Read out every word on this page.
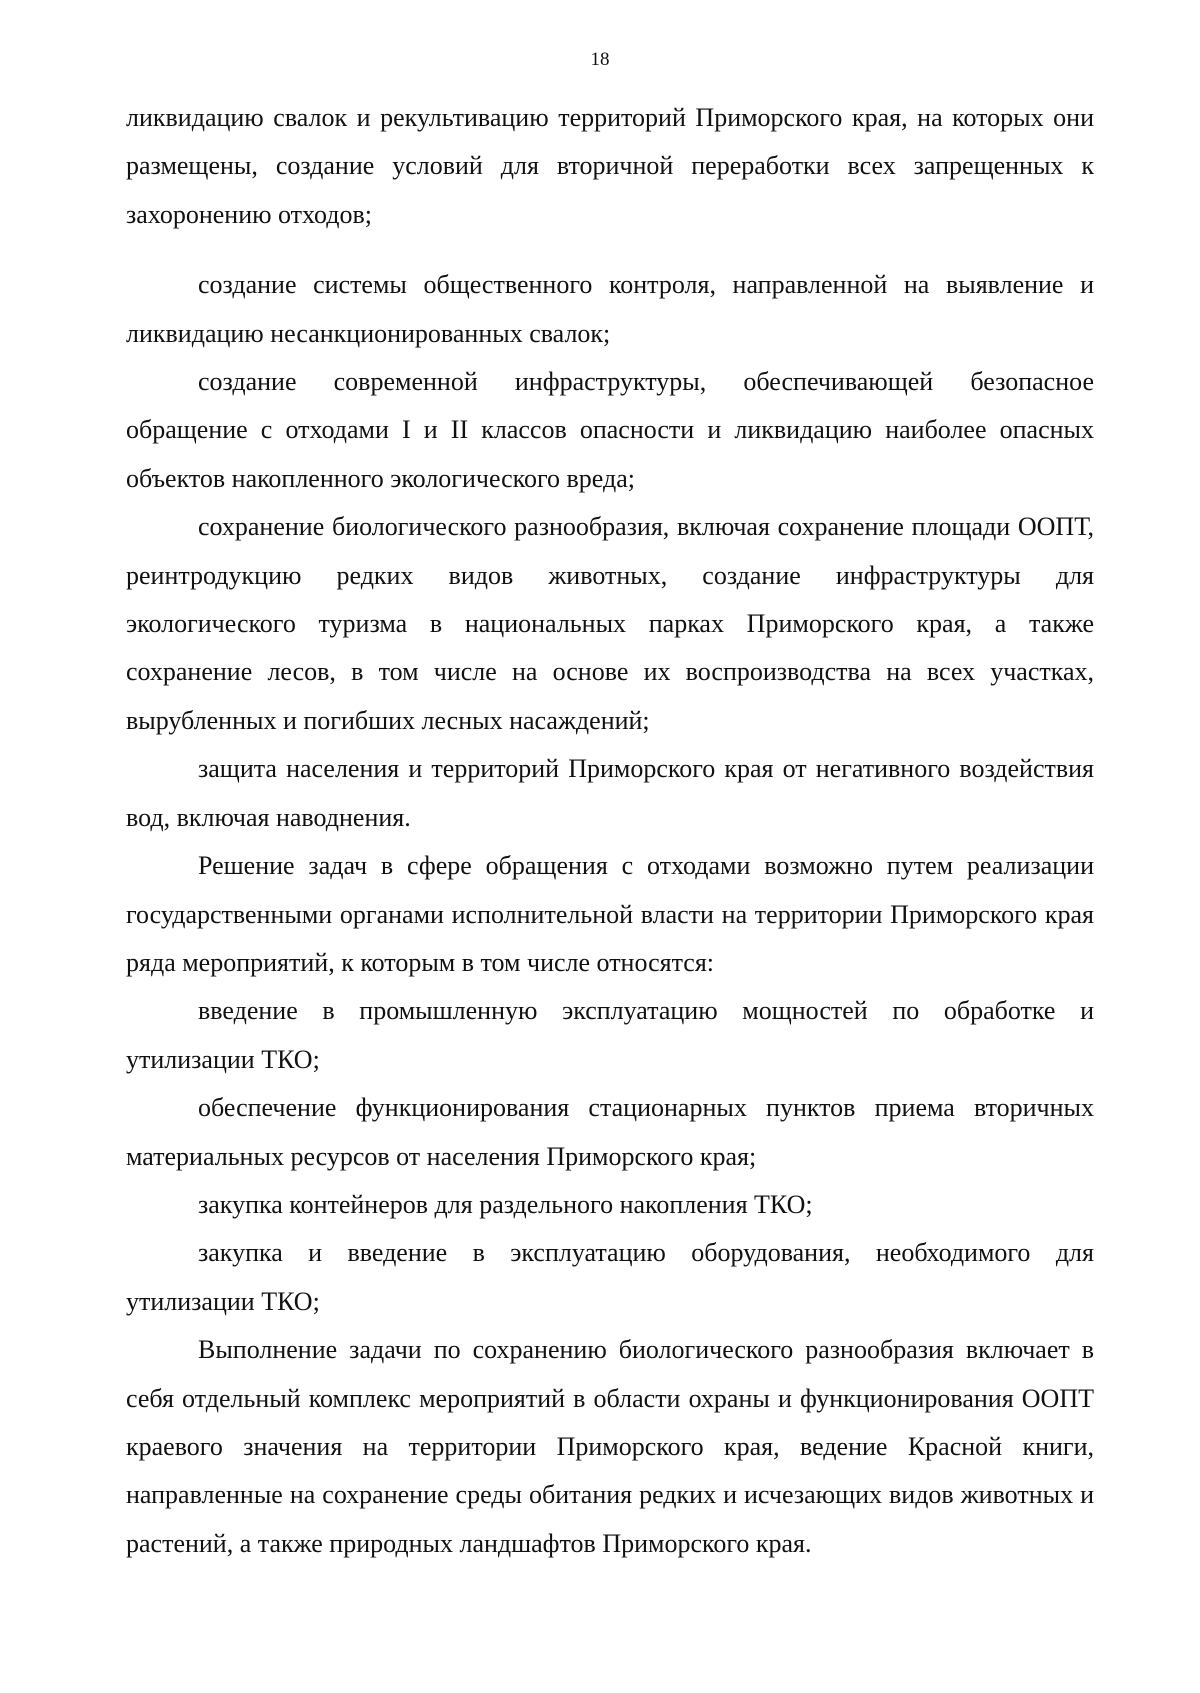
18

ликвидацию свалок и рекультивацию территорий Приморского края, на которых они размещены, создание условий для вторичной переработки всех запрещенных к захоронению отходов;

создание системы общественного контроля, направленной на выявление и ликвидацию несанкционированных свалок;

создание современной инфраструктуры, обеспечивающей безопасное обращение с отходами I и II классов опасности и ликвидацию наиболее опасных объектов накопленного экологического вреда;

сохранение биологического разнообразия, включая сохранение площади ООПТ, реинтродукцию редких видов животных, создание инфраструктуры для экологического туризма в национальных парках Приморского края, а также сохранение лесов, в том числе на основе их воспроизводства на всех участках, вырубленных и погибших лесных насаждений;

защита населения и территорий Приморского края от негативного воздействия вод, включая наводнения.

Решение задач в сфере обращения с отходами возможно путем реализации государственными органами исполнительной власти на территории Приморского края ряда мероприятий, к которым в том числе относятся:

введение в промышленную эксплуатацию мощностей по обработке и утилизации ТКО;

обеспечение функционирования стационарных пунктов приема вторичных материальных ресурсов от населения Приморского края;

закупка контейнеров для раздельного накопления ТКО;

закупка и введение в эксплуатацию оборудования, необходимого для утилизации ТКО;

Выполнение задачи по сохранению биологического разнообразия включает в себя отдельный комплекс мероприятий в области охраны и функционирования ООПТ краевого значения на территории Приморского края, ведение Красной книги, направленные на сохранение среды обитания редких и исчезающих видов животных и растений, а также природных ландшафтов Приморского края.
